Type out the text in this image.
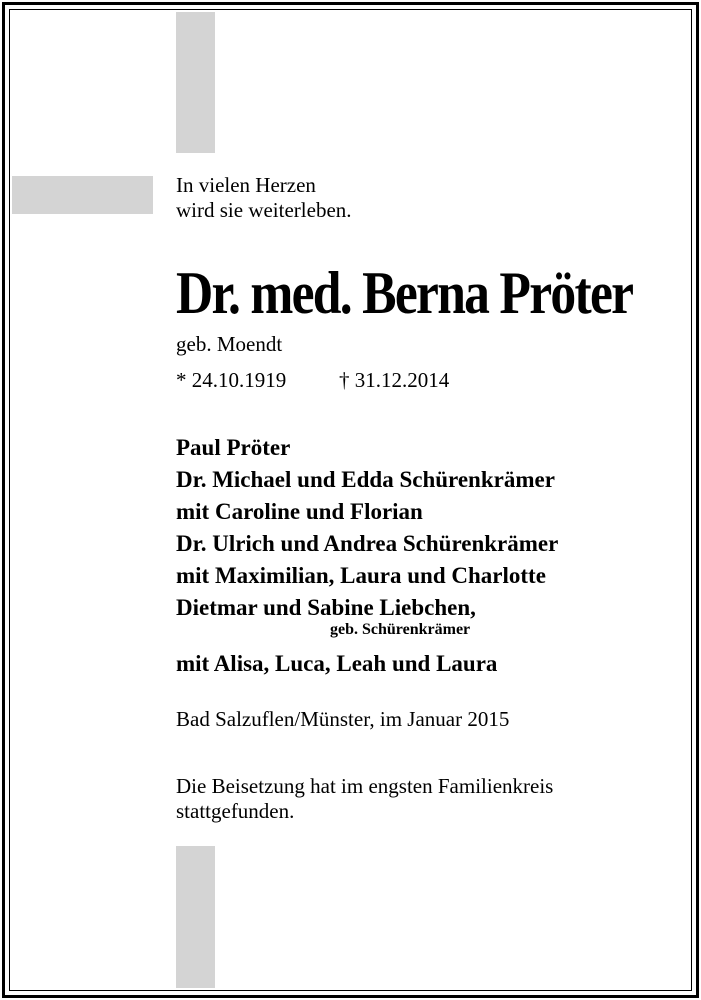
In vielen Herzen
wird sie weiterleben.
Dr. med. Berna Pröter
geb. Moendt
* 24.10.1919	† 31.12.2014
Paul Pröter
Dr. Michael und Edda Schürenkrämer
mit Caroline und Florian
Dr. Ulrich und Andrea Schürenkrämer
mit Maximilian, Laura und Charlotte
Dietmar und Sabine Liebchen,
geb. Schürenkrämer
mit Alisa, Luca, Leah und Laura
Bad Salzuflen/Münster, im Januar 2015
Die Beisetzung hat im engsten Familienkreis
stattgefunden.
